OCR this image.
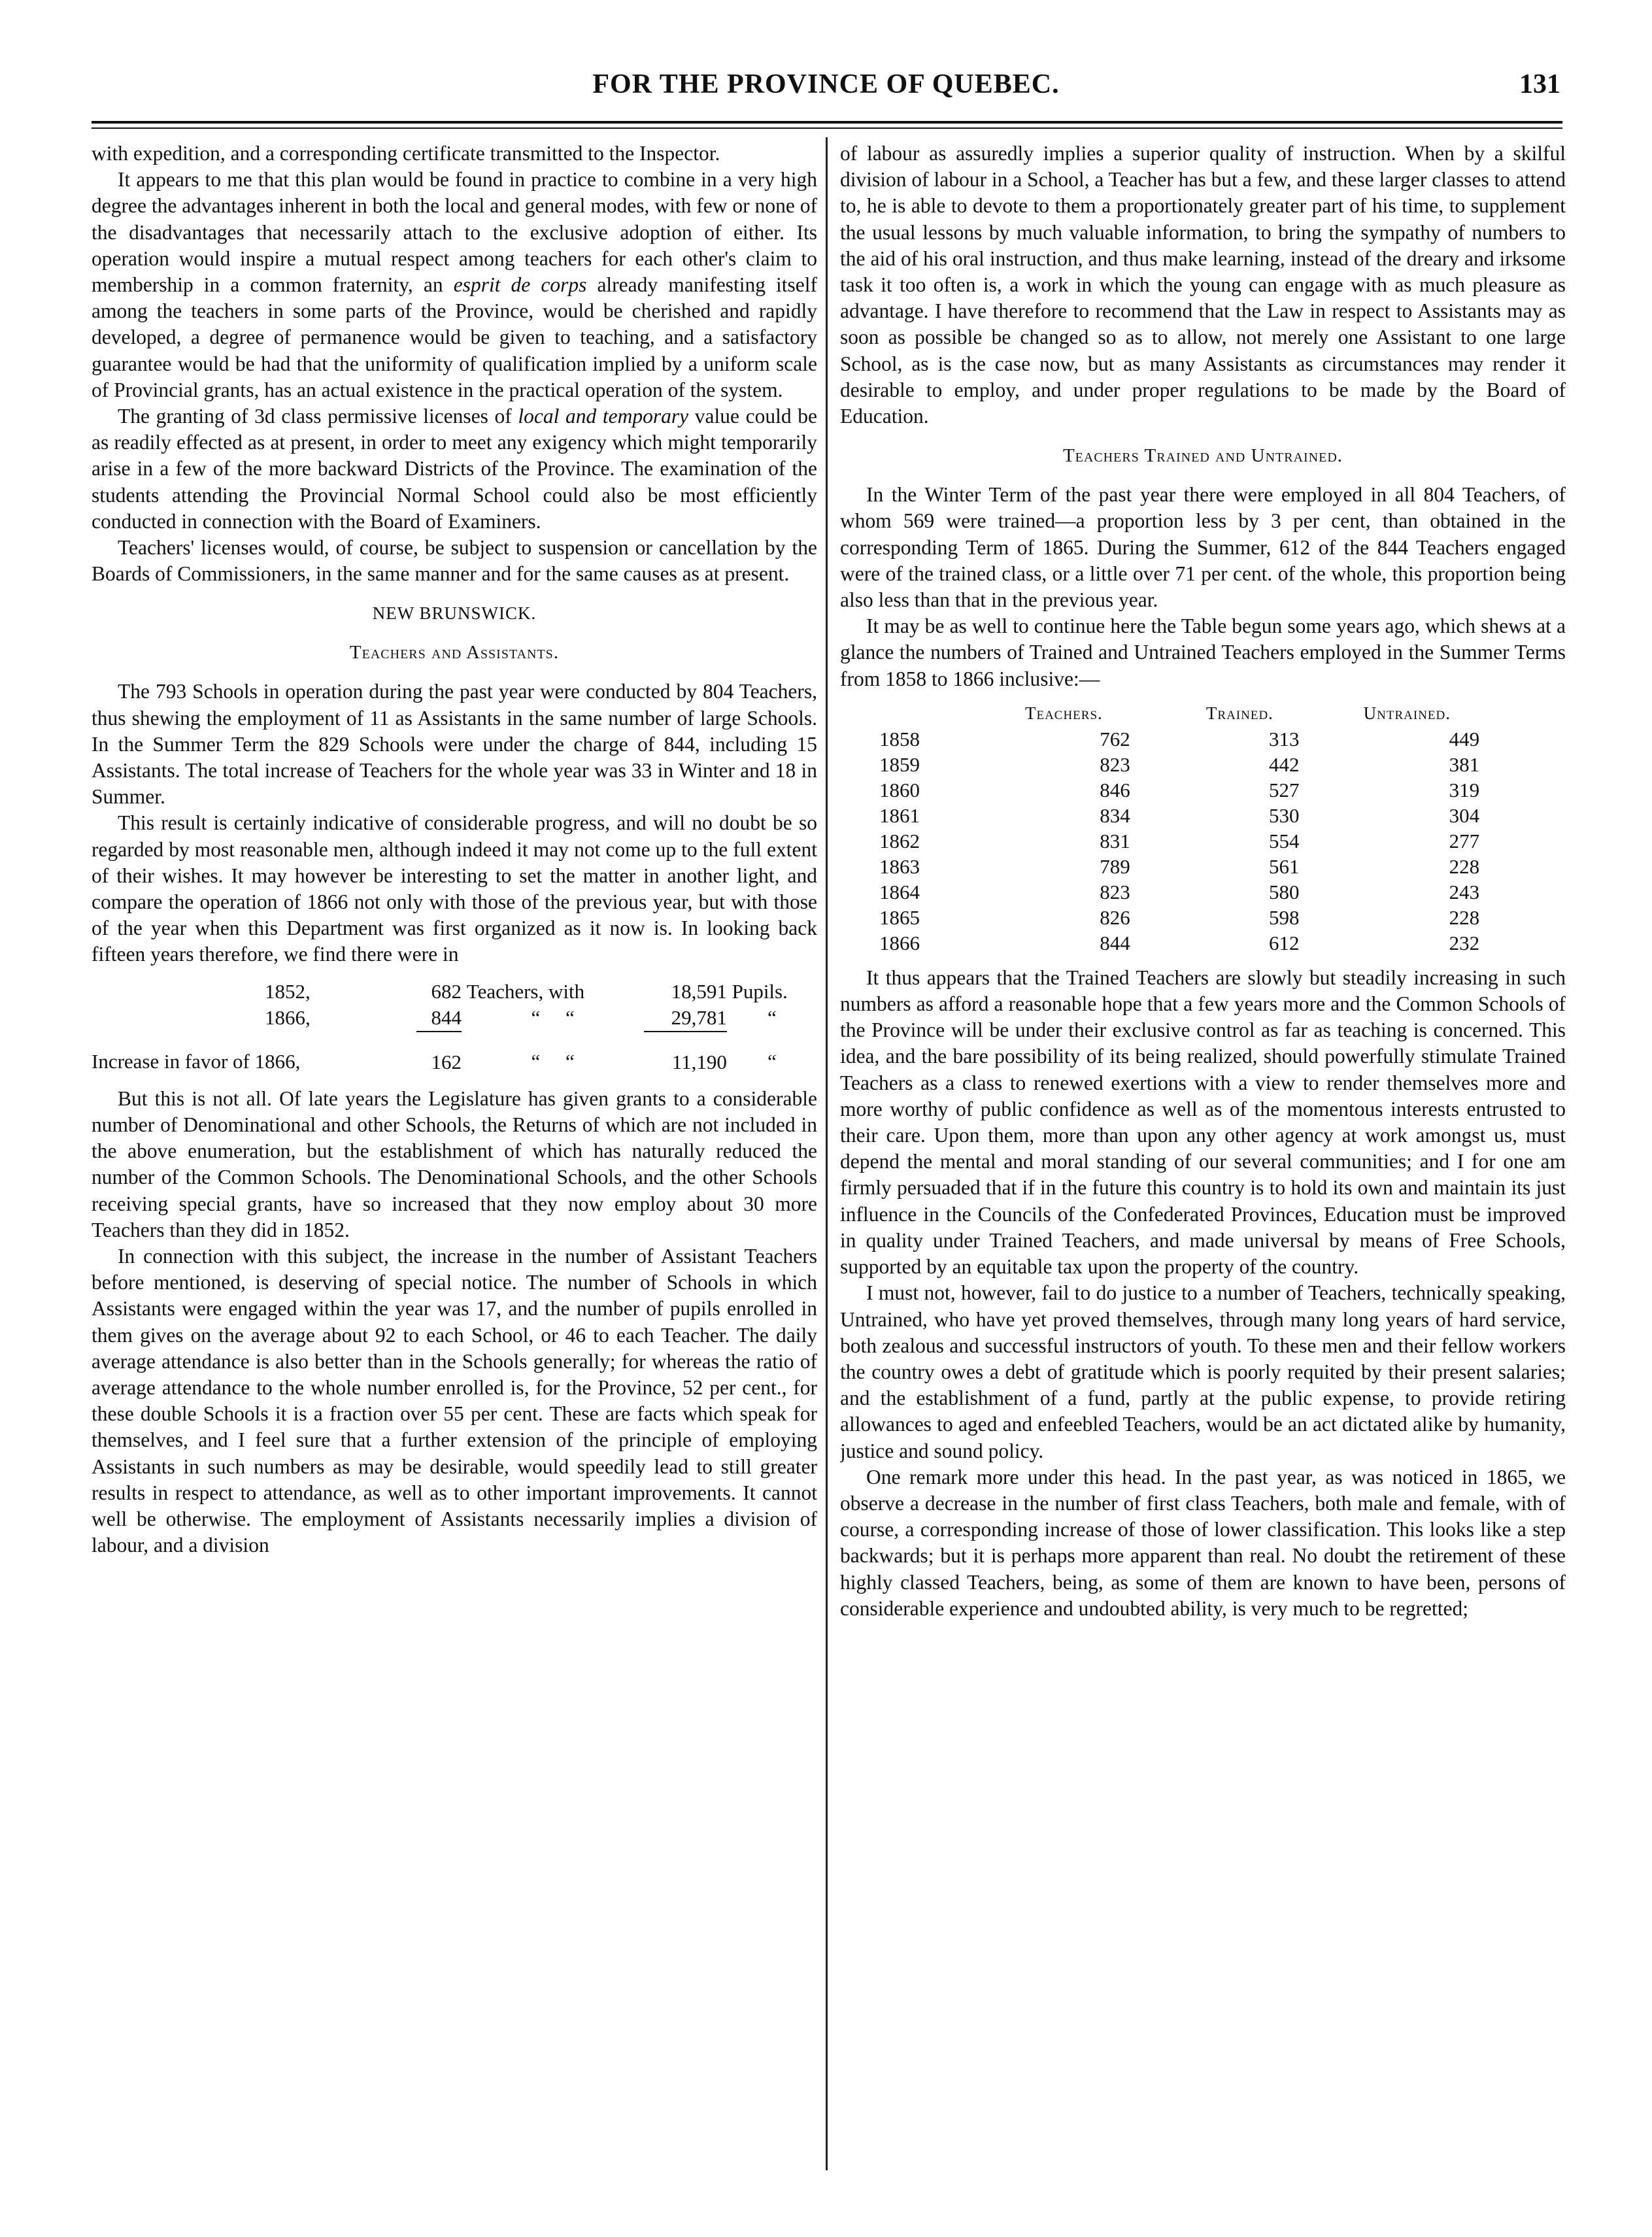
FOR THE PROVINCE OF QUEBEC.	131

with expedition, and a corresponding certificate transmitted to the Inspector.

It appears to me that this plan would be found in practice to combine in a very high degree the advantages inherent in both the local and general modes, with few or none of the disadvantages that necessarily attach to the exclusive adoption of either. Its operation would inspire a mutual respect among teachers for each other's claim to membership in a common fraternity, an esprit de corps already manifesting itself among the teachers in some parts of the Province, would be cherished and rapidly developed, a degree of permanence would be given to teaching, and a satisfactory guarantee would be had that the uniformity of qualification implied by a uniform scale of Provincial grants, has an actual existence in the practical operation of the system.

The granting of 3d class permissive licenses of local and temporary value could be as readily effected as at present, in order to meet any exigency which might temporarily arise in a few of the more backward Districts of the Province. The examination of the students attending the Provincial Normal School could also be most efficiently conducted in connection with the Board of Examiners.

Teachers' licenses would, of course, be subject to suspension or cancellation by the Boards of Commissioners, in the same manner and for the same causes as at present.

NEW BRUNSWICK.
Teachers and Assistants.

The 793 Schools in operation during the past year were conducted by 804 Teachers, thus shewing the employment of 11 as Assistants in the same number of large Schools. In the Summer Term the 829 Schools were under the charge of 844, including 15 Assistants. The total increase of Teachers for the whole year was 33 in Winter and 18 in Summer.

This result is certainly indicative of considerable progress, and will no doubt be so regarded by most reasonable men, although indeed it may not come up to the full extent of their wishes. It may however be interesting to set the matter in another light, and compare the operation of 1866 not only with those of the previous year, but with those of the year when this Department was first organized as it now is. In looking back fifteen years therefore, we find there were in

1852,	682	Teachers, with	18,591	Pupils.
1866,	844	“ “	29,781	“
Increase in favor of 1866,	162	“ “	11,190	“

But this is not all. Of late years the Legislature has given grants to a considerable number of Denominational and other Schools, the Returns of which are not included in the above enumeration, but the establishment of which has naturally reduced the number of the Common Schools. The Denominational Schools, and the other Schools receiving special grants, have so increased that they now employ about 30 more Teachers than they did in 1852.

In connection with this subject, the increase in the number of Assistant Teachers before mentioned, is deserving of special notice. The number of Schools in which Assistants were engaged within the year was 17, and the number of pupils enrolled in them gives on the average about 92 to each School, or 46 to each Teacher. The daily average attendance is also better than in the Schools generally; for whereas the ratio of average attendance to the whole number enrolled is, for the Province, 52 per cent., for these double Schools it is a fraction over 55 per cent. These are facts which speak for themselves, and I feel sure that a further extension of the principle of employing Assistants in such numbers as may be desirable, would speedily lead to still greater results in respect to attendance, as well as to other important improvements. It cannot well be otherwise. The employment of Assistants necessarily implies a division of labour, and a division

of labour as assuredly implies a superior quality of instruction. When by a skilful division of labour in a School, a Teacher has but a few, and these larger classes to attend to, he is able to devote to them a proportionately greater part of his time, to supplement the usual lessons by much valuable information, to bring the sympathy of numbers to the aid of his oral instruction, and thus make learning, instead of the dreary and irksome task it too often is, a work in which the young can engage with as much pleasure as advantage. I have therefore to recommend that the Law in respect to Assistants may as soon as possible be changed so as to allow, not merely one Assistant to one large School, as is the case now, but as many Assistants as circumstances may render it desirable to employ, and under proper regulations to be made by the Board of Education.

Teachers Trained and Untrained.

In the Winter Term of the past year there were employed in all 804 Teachers, of whom 569 were trained—a proportion less by 3 per cent, than obtained in the corresponding Term of 1865. During the Summer, 612 of the 844 Teachers engaged were of the trained class, or a little over 71 per cent. of the whole, this proportion being also less than that in the previous year.

It may be as well to continue here the Table begun some years ago, which shews at a glance the numbers of Trained and Untrained Teachers employed in the Summer Terms from 1858 to 1866 inclusive:—

	Teachers.	Trained.	Untrained.
1858	762	313	449
1859	823	442	381
1860	846	527	319
1861	834	530	304
1862	831	554	277
1863	789	561	228
1864	823	580	243
1865	826	598	228
1866	844	612	232

It thus appears that the Trained Teachers are slowly but steadily increasing in such numbers as afford a reasonable hope that a few years more and the Common Schools of the Province will be under their exclusive control as far as teaching is concerned. This idea, and the bare possibility of its being realized, should powerfully stimulate Trained Teachers as a class to renewed exertions with a view to render themselves more and more worthy of public confidence as well as of the momentous interests entrusted to their care. Upon them, more than upon any other agency at work amongst us, must depend the mental and moral standing of our several communities; and I for one am firmly persuaded that if in the future this country is to hold its own and maintain its just influence in the Councils of the Confederated Provinces, Education must be improved in quality under Trained Teachers, and made universal by means of Free Schools, supported by an equitable tax upon the property of the country.

I must not, however, fail to do justice to a number of Teachers, technically speaking, Untrained, who have yet proved themselves, through many long years of hard service, both zealous and successful instructors of youth. To these men and their fellow workers the country owes a debt of gratitude which is poorly requited by their present salaries; and the establishment of a fund, partly at the public expense, to provide retiring allowances to aged and enfeebled Teachers, would be an act dictated alike by humanity, justice and sound policy.

One remark more under this head. In the past year, as was noticed in 1865, we observe a decrease in the number of first class Teachers, both male and female, with of course, a corresponding increase of those of lower classification. This looks like a step backwards; but it is perhaps more apparent than real. No doubt the retirement of these highly classed Teachers, being, as some of them are known to have been, persons of considerable experience and undoubted ability, is very much to be regretted;
